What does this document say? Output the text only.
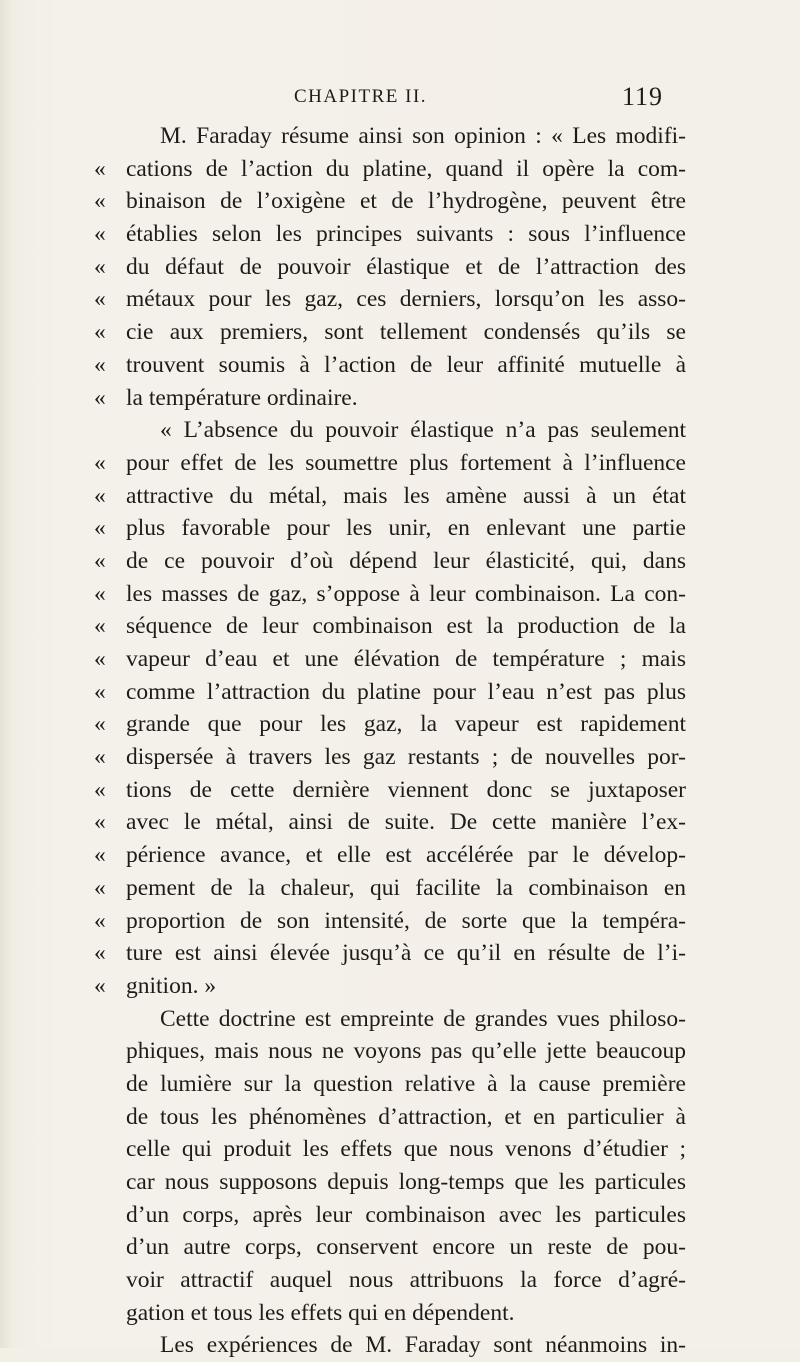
CHAPITRE II.	119
M. Faraday résume ainsi son opinion : « Les modifi-
« cations de l’action du platine, quand il opère la com-
« binaison de l’oxigène et de l’hydrogène, peuvent être
« établies selon les principes suivants : sous l’influence
« du défaut de pouvoir élastique et de l’attraction des
« métaux pour les gaz, ces derniers, lorsqu’on les asso-
« cie aux premiers, sont tellement condensés qu’ils se
« trouvent soumis à l’action de leur affinité mutuelle à
« la température ordinaire.
« L’absence du pouvoir élastique n’a pas seulement
« pour effet de les soumettre plus fortement à l’influence
« attractive du métal, mais les amène aussi à un état
« plus favorable pour les unir, en enlevant une partie
« de ce pouvoir d’où dépend leur élasticité, qui, dans
« les masses de gaz, s’oppose à leur combinaison. La con-
« séquence de leur combinaison est la production de la
« vapeur d’eau et une élévation de température ; mais
« comme l’attraction du platine pour l’eau n’est pas plus
« grande que pour les gaz, la vapeur est rapidement
« dispersée à travers les gaz restants ; de nouvelles por-
« tions de cette dernière viennent donc se juxtaposer
« avec le métal, ainsi de suite. De cette manière l’ex-
« périence avance, et elle est accélérée par le dévelop-
« pement de la chaleur, qui facilite la combinaison en
« proportion de son intensité, de sorte que la tempéra-
« ture est ainsi élevée jusqu’à ce qu’il en résulte de l’i-
« gnition. »
Cette doctrine est empreinte de grandes vues philoso-
phiques, mais nous ne voyons pas qu’elle jette beaucoup
de lumière sur la question relative à la cause première
de tous les phénomènes d’attraction, et en particulier à
celle qui produit les effets que nous venons d’étudier ;
car nous supposons depuis long-temps que les particules
d’un corps, après leur combinaison avec les particules
d’un autre corps, conservent encore un reste de pou-
voir attractif auquel nous attribuons la force d’agré-
gation et tous les effets qui en dépendent.
Les expériences de M. Faraday sont néanmoins in-
